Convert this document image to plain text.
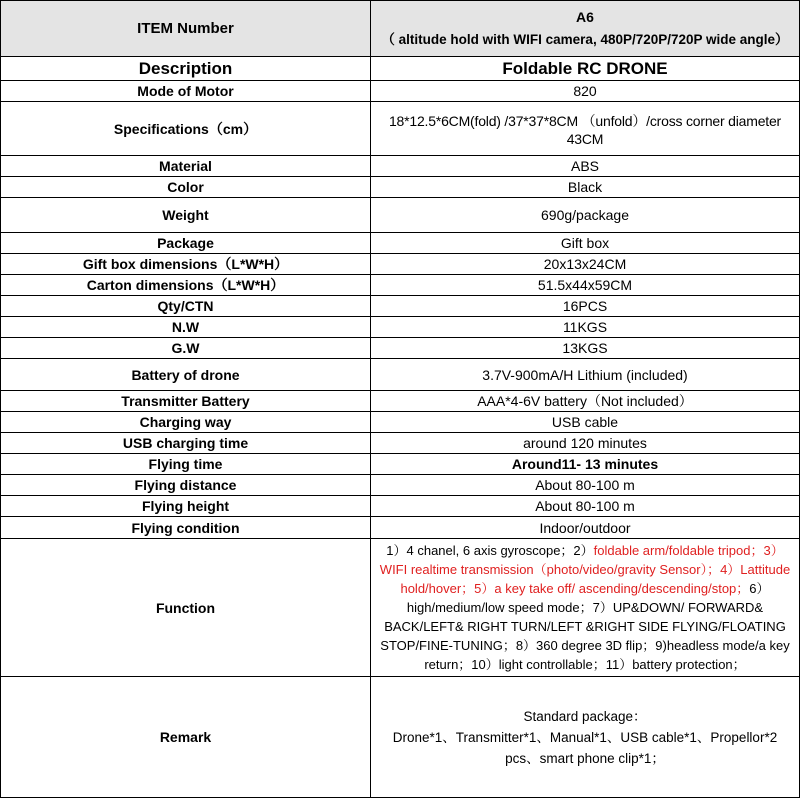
ITEM Number	A6
（ altitude hold with WIFI camera, 480P/720P/720P wide angle）

Description	Foldable RC DRONE
Mode of Motor	820
Specifications（cm）	18*12.5*6CM(fold) /37*37*8CM （unfold）/cross corner diameter 43CM
Material	ABS
Color	Black
Weight	690g/package
Package	Gift box
Gift box dimensions（L*W*H）	20x13x24CM
Carton dimensions（L*W*H）	51.5x44x59CM
Qty/CTN	16PCS
N.W	11KGS
G.W	13KGS
Battery of drone	3.7V-900mA/H Lithium (included)
Transmitter Battery	AAA*4-6V battery（Not included）
Charging way	USB cable
USB charging time	around 120 minutes
Flying time	Around11- 13 minutes
Flying distance	About 80-100 m
Flying height	About 80-100 m
Flying condition	Indoor/outdoor
Function	1）4 chanel, 6 axis gyroscope；2）foldable arm/foldable tripod；3）WIFI realtime transmission（photo/video/gravity Sensor）；4）Lattitude hold/hover；5）a key take off/ ascending/descending/stop；6）high/medium/low speed mode；7）UP&DOWN/ FORWARD& BACK/LEFT& RIGHT TURN/LEFT &RIGHT SIDE FLYING/FLOATING STOP/FINE-TUNING；8）360 degree 3D flip；9)headless mode/a key return；10）light controllable；11）battery protection；
Remark	Standard package：
Drone*1、Transmitter*1、Manual*1、USB cable*1、Propellor*2 pcs、smart phone clip*1；
